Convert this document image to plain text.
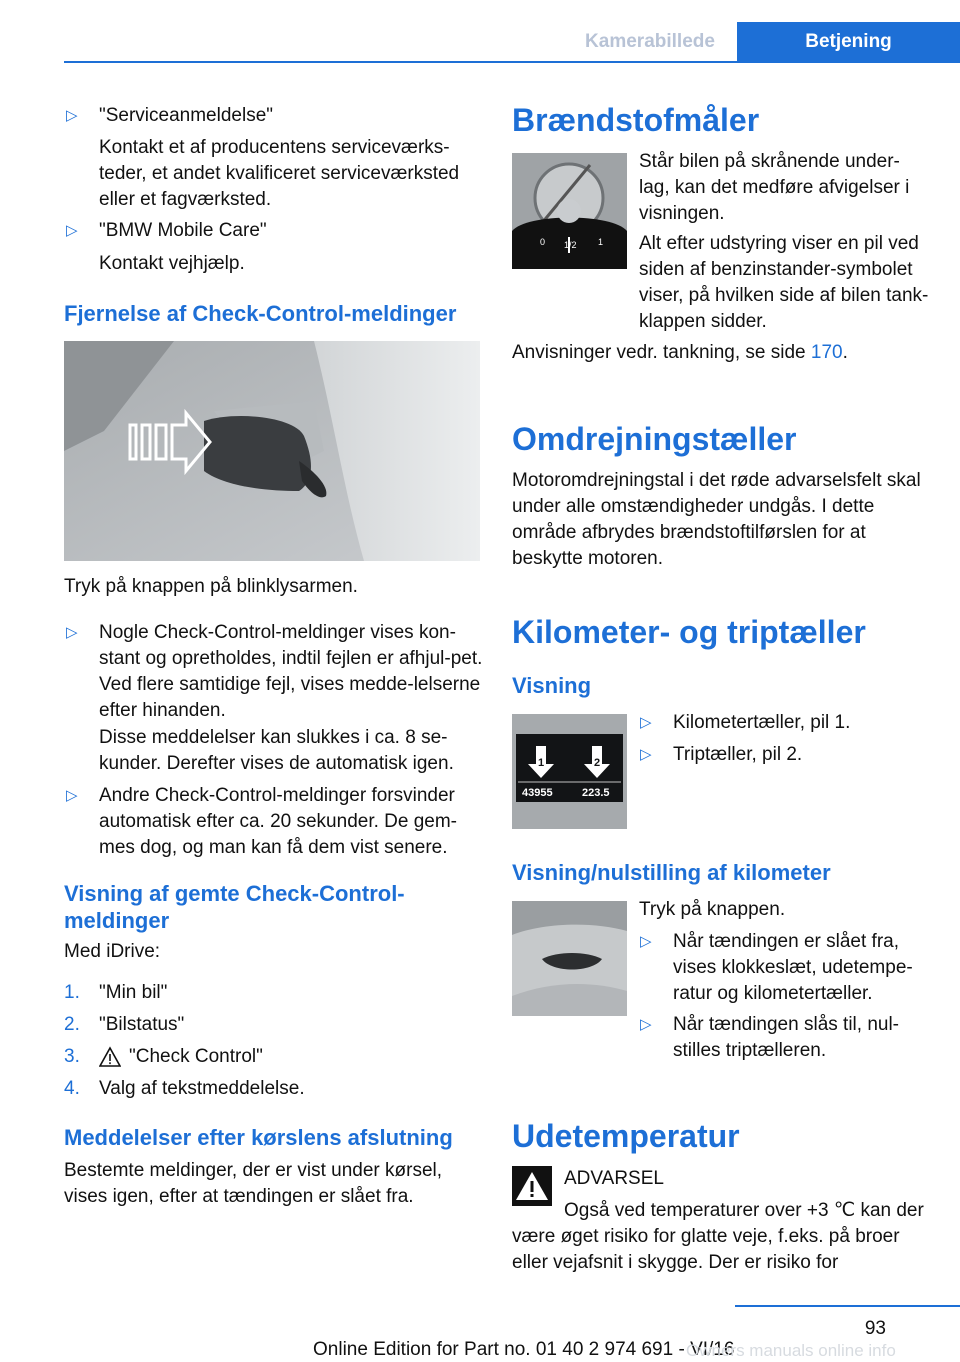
Kamerabillede	Betjening
▷ "Serviceanmeldelse"
Kontakt et af producentens serviceværks-teder, et andet kvalificeret serviceværksted eller et fagværksted.
▷ "BMW Mobile Care"
Kontakt vejhjælp.
Fjernelse af Check-Control-meldinger
Tryk på knappen på blinklysarmen.
▷ Nogle Check-Control-meldinger vises kon-stant og opretholdes, indtil fejlen er afhjul-pet. Ved flere samtidige fejl, vises medde-lelserne efter hinanden.
Disse meddelelser kan slukkes i ca. 8 se-kunder. Derefter vises de automatisk igen.
▷ Andre Check-Control-meldinger forsvinder automatisk efter ca. 20 sekunder. De gem-mes dog, og man kan få dem vist senere.
Visning af gemte Check-Control-meldinger
Med iDrive:
1. "Min bil"
2. "Bilstatus"
3.	"Check Control"
4. Valg af tekstmeddelelse.
Meddelelser efter kørslens afslutning
Bestemte meldinger, der er vist under kørsel, vises igen, efter at tændingen er slået fra.
Brændstofmåler
0 1/2 1
Står bilen på skrånende under-lag, kan det medføre afvigelser i visningen.
Alt efter udstyring viser en pil ved siden af benzinstander-symbolet viser, på hvilken side af bilen tank-klappen sidder.
Anvisninger vedr. tankning, se side 170.
Omdrejningstæller
Motoromdrejningstal i det røde advarselsfelt skal under alle omstændigheder undgås. I dette område afbrydes brændstoftilførslen for at beskytte motoren.
Kilometer- og triptæller
Visning
1	2
43955	223.5
▷ Kilometertæller, pil 1.
▷ Triptæller, pil 2.
Visning/nulstilling af kilometer
Tryk på knappen.
▷ Når tændingen er slået fra, vises klokkeslæt, udetempe-ratur og kilometertæller.
▷ Når tændingen slås til, nul-stilles triptælleren.
Udetemperatur
ADVARSEL
Også ved temperaturer over +3 ℃ kan der være øget risiko for glatte veje, f.eks. på broer eller vejafsnit i skygge. Der er risiko for
93
Online Edition for Part no. 01 40 2 974 691 - VI/16
Owners manuals online info
